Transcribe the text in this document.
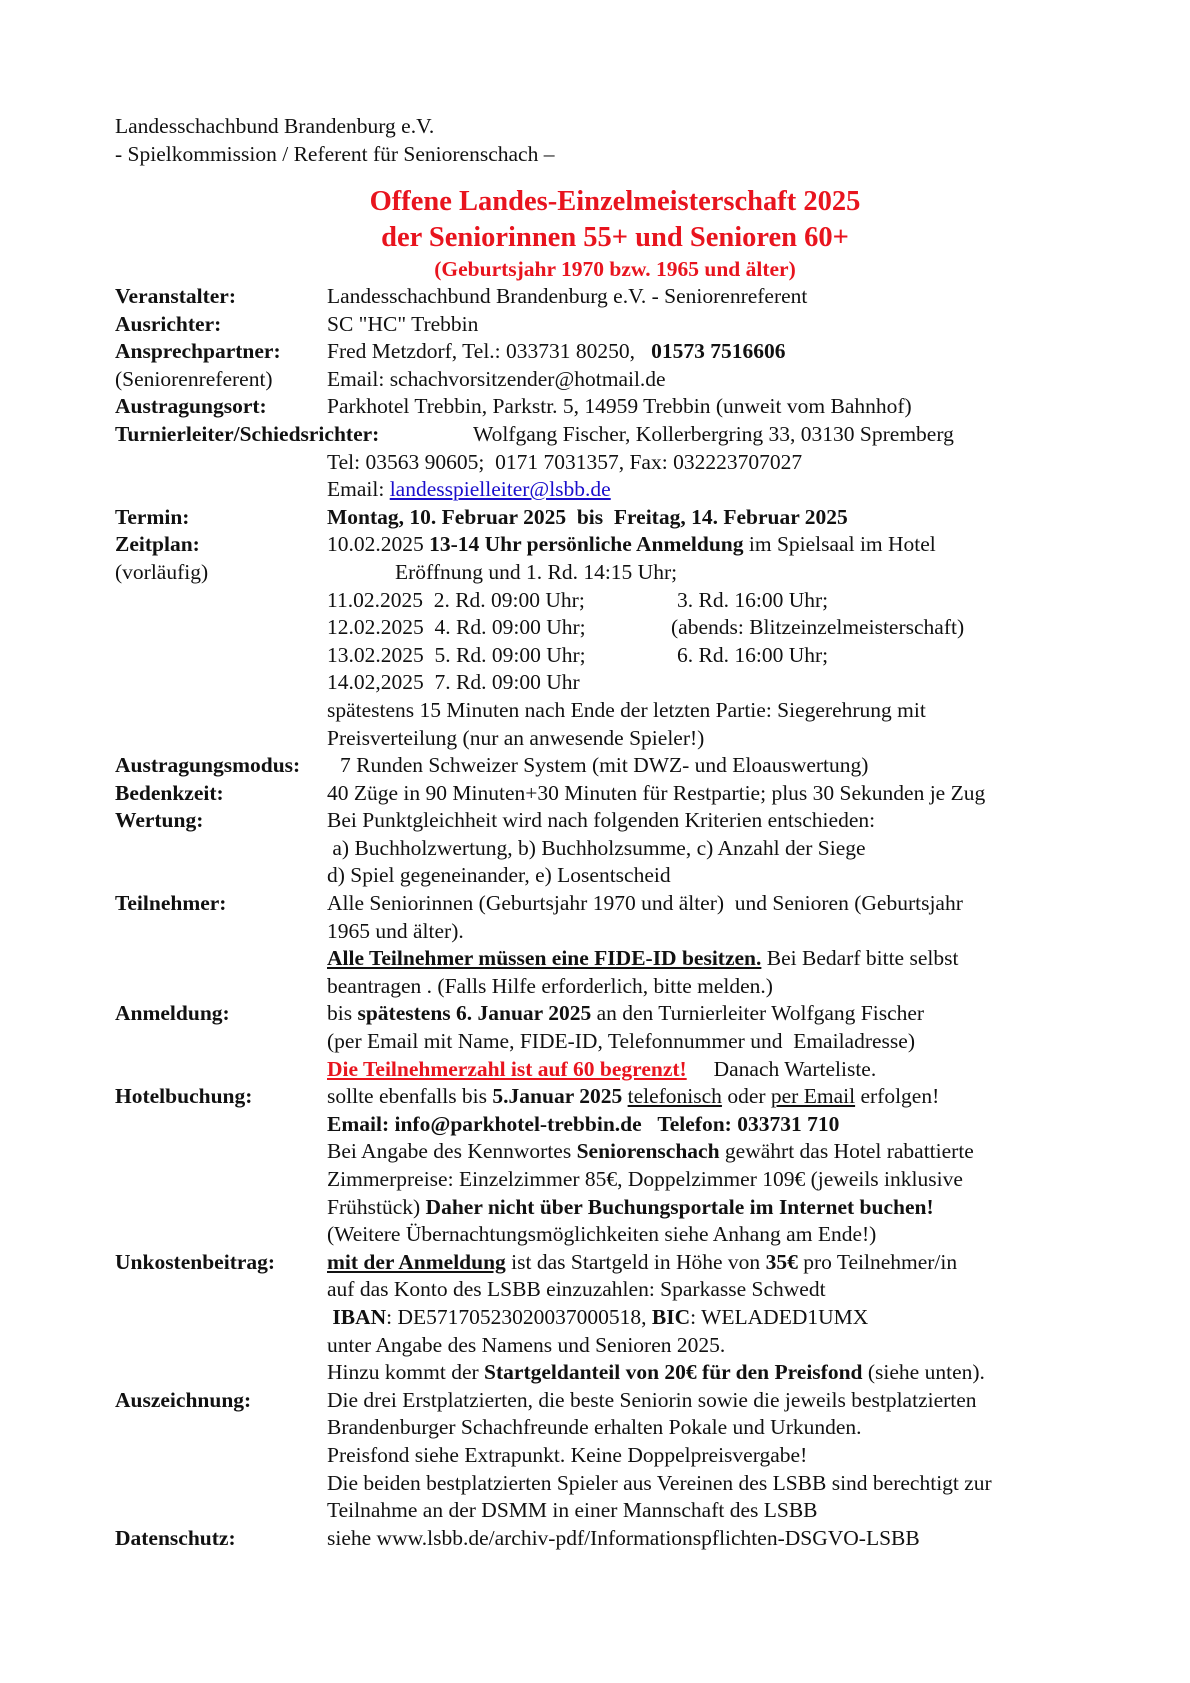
Landesschachbund Brandenburg e.V.
- Spielkommission / Referent für Seniorenschach –
Offene Landes-Einzelmeisterschaft 2025
der Seniorinnen 55+ und Senioren 60+
(Geburtsjahr 1970 bzw. 1965 und älter)
Veranstalter:	Landesschachbund Brandenburg e.V. - Seniorenreferent
Ausrichter:	SC "HC" Trebbin
Ansprechpartner:	Fred Metzdorf, Tel.: 033731 80250, 01573 7516606
(Seniorenreferent)	Email: schachvorsitzender@hotmail.de
Austragungsort:	Parkhotel Trebbin, Parkstr. 5, 14959 Trebbin (unweit vom Bahnhof)
Turnierleiter/Schiedsrichter:	Wolfgang Fischer, Kollerbergring 33, 03130 Spremberg
Tel: 03563 90605;  0171 7031357, Fax: 032223707027
Email: landesspielleiter@lsbb.de
Termin:	Montag, 10. Februar 2025  bis  Freitag, 14. Februar 2025
Zeitplan:	10.02.2025 13-14 Uhr persönliche Anmeldung im Spielsaal im Hotel
(vorläufig)	Eröffnung und 1. Rd. 14:15 Uhr;
11.02.2025  2. Rd. 09:00 Uhr;	3. Rd. 16:00 Uhr;
12.02.2025  4. Rd. 09:00 Uhr;	(abends: Blitzeinzelmeisterschaft)
13.02.2025  5. Rd. 09:00 Uhr;	6. Rd. 16:00 Uhr;
14.02,2025  7. Rd. 09:00 Uhr
spätestens 15 Minuten nach Ende der letzten Partie: Siegerehrung mit
Preisverteilung (nur an anwesende Spieler!)
Austragungsmodus:	7 Runden Schweizer System (mit DWZ- und Eloauswertung)
Bedenkzeit:	40 Züge in 90 Minuten+30 Minuten für Restpartie; plus 30 Sekunden je Zug
Wertung:	Bei Punktgleichheit wird nach folgenden Kriterien entschieden:
a) Buchholzwertung, b) Buchholzsumme, c) Anzahl der Siege
d) Spiel gegeneinander, e) Losentscheid
Teilnehmer:	Alle Seniorinnen (Geburtsjahr 1970 und älter)  und Senioren (Geburtsjahr
1965 und älter).
Alle Teilnehmer müssen eine FIDE-ID besitzen. Bei Bedarf bitte selbst
beantragen . (Falls Hilfe erforderlich, bitte melden.)
Anmeldung:	bis spätestens 6. Januar 2025 an den Turnierleiter Wolfgang Fischer
(per Email mit Name, FIDE-ID, Telefonnummer und  Emailadresse)
Die Teilnehmerzahl ist auf 60 begrenzt!     Danach Warteliste.
Hotelbuchung:	sollte ebenfalls bis 5.Januar 2025 telefonisch oder per Email erfolgen!
Email: info@parkhotel-trebbin.de   Telefon: 033731 710
Bei Angabe des Kennwortes Seniorenschach gewährt das Hotel rabattierte
Zimmerpreise: Einzelzimmer 85€, Doppelzimmer 109€ (jeweils inklusive
Frühstück) Daher nicht über Buchungsportale im Internet buchen!
(Weitere Übernachtungsmöglichkeiten siehe Anhang am Ende!)
Unkostenbeitrag:	mit der Anmeldung ist das Startgeld in Höhe von 35€ pro Teilnehmer/in
auf das Konto des LSBB einzuzahlen: Sparkasse Schwedt
IBAN: DE57170523020037000518, BIC: WELADED1UMX
unter Angabe des Namens und Senioren 2025.
Hinzu kommt der Startgeldanteil von 20€ für den Preisfond (siehe unten).
Auszeichnung:	Die drei Erstplatzierten, die beste Seniorin sowie die jeweils bestplatzierten
Brandenburger Schachfreunde erhalten Pokale und Urkunden.
Preisfond siehe Extrapunkt. Keine Doppelpreisvergabe!
Die beiden bestplatzierten Spieler aus Vereinen des LSBB sind berechtigt zur
Teilnahme an der DSMM in einer Mannschaft des LSBB
Datenschutz:	siehe www.lsbb.de/archiv-pdf/Informationspflichten-DSGVO-LSBB
